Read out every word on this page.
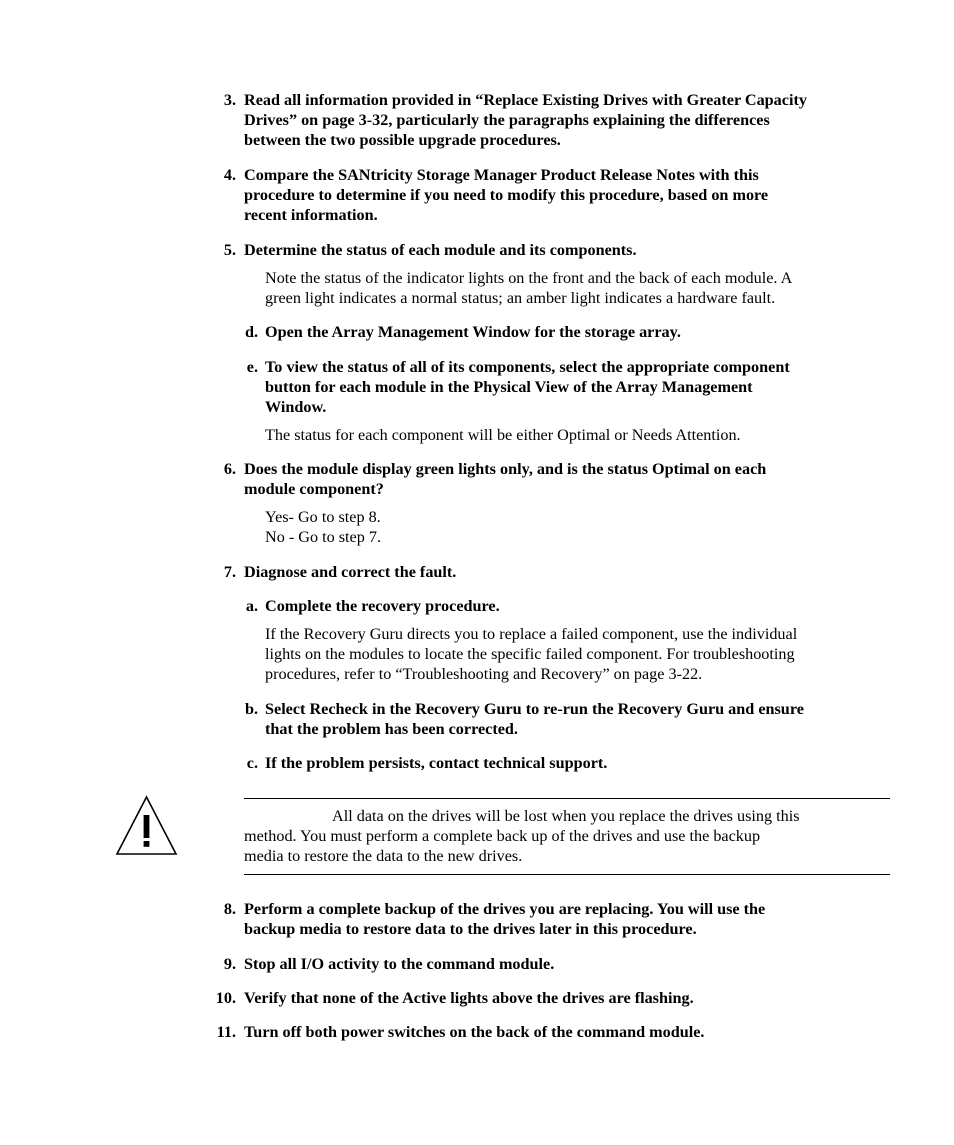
3. Read all information provided in “Replace Existing Drives with Greater Capacity
Drives” on page 3-32, particularly the paragraphs explaining the differences
between the two possible upgrade procedures.
4. Compare the SANtricity Storage Manager Product Release Notes with this
procedure to determine if you need to modify this procedure, based on more
recent information.
5. Determine the status of each module and its components.
Note the status of the indicator lights on the front and the back of each module. A
green light indicates a normal status; an amber light indicates a hardware fault.
d. Open the Array Management Window for the storage array.
e. To view the status of all of its components, select the appropriate component
button for each module in the Physical View of the Array Management
Window.
The status for each component will be either Optimal or Needs Attention.
6. Does the module display green lights only, and is the status Optimal on each
module component?
Yes- Go to step 8.
No - Go to step 7.
7. Diagnose and correct the fault.
a. Complete the recovery procedure.
If the Recovery Guru directs you to replace a failed component, use the individual
lights on the modules to locate the specific failed component. For troubleshooting
procedures, refer to “Troubleshooting and Recovery” on page 3-22.
b. Select Recheck in the Recovery Guru to re-run the Recovery Guru and ensure
that the problem has been corrected.
c. If the problem persists, contact technical support.
All data on the drives will be lost when you replace the drives using this
method. You must perform a complete back up of the drives and use the backup
media to restore the data to the new drives.
8. Perform a complete backup of the drives you are replacing. You will use the
backup media to restore data to the drives later in this procedure.
9. Stop all I/O activity to the command module.
10. Verify that none of the Active lights above the drives are flashing.
11. Turn off both power switches on the back of the command module.
